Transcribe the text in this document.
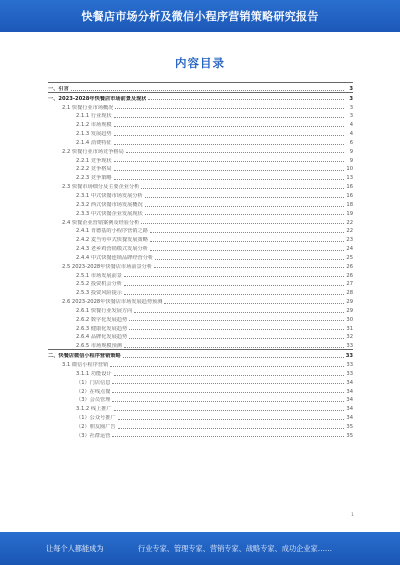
快餐店市场分析及微信小程序营销策略研究报告
内容目录
一、引言	3
一、2023-2028年快餐店市场前景及现状	3
2.1 快餐行业市场概况	3
2.1.1 行业现状	3
2.1.2 市场规模	4
2.1.3 发展趋势	4
2.1.4 消费特征	6
2.2 快餐行业市场竞争格局	9
2.2.1 竞争现状	9
2.2.2 竞争格局	10
2.2.3 竞争策略	13
2.3 快餐市场细分及主要企业分析	16
2.3.1 中式快餐市场发展分析	16
2.3.2 西式快餐市场发展概况	18
2.3.3 中式快餐企业发展现状	19
2.4 快餐企业营销案例及经验分析	22
2.4.1 肯德基的小程序营销之路	22
2.4.2 麦当劳中式快餐发展策略	23
2.4.3 老乡鸡营销模式发展分析	24
2.4.4 中式快餐连锁品牌经营分析	25
2.5 2023-2028年快餐店市场前景分析	26
2.5.1 市场发展前景	26
2.5.2 投资机会分析	27
2.5.3 投资风险提示	28
2.6 2023-2028年快餐店市场发展趋势预测	29
2.6.1 快餐行业发展方向	29
2.6.2 数字化发展趋势	30
2.6.3 健康化发展趋势	31
2.6.4 品牌化发展趋势	32
2.6.5 市场规模预测	33
二、快餐店微信小程序营销策略	33
3.1 微信小程序营销	33
3.1.1 功能设计	33
（1）门店信息	34
（2）在线点餐	34
（3）会员管理	34
3.1.2 线上推广	34
（1）公众号推广	34
（2）朋友圈广告	35
（3）社群运营	35
1
让每个人都能成为	行业专家、管理专家、营销专家、战略专家、成功企业家……
